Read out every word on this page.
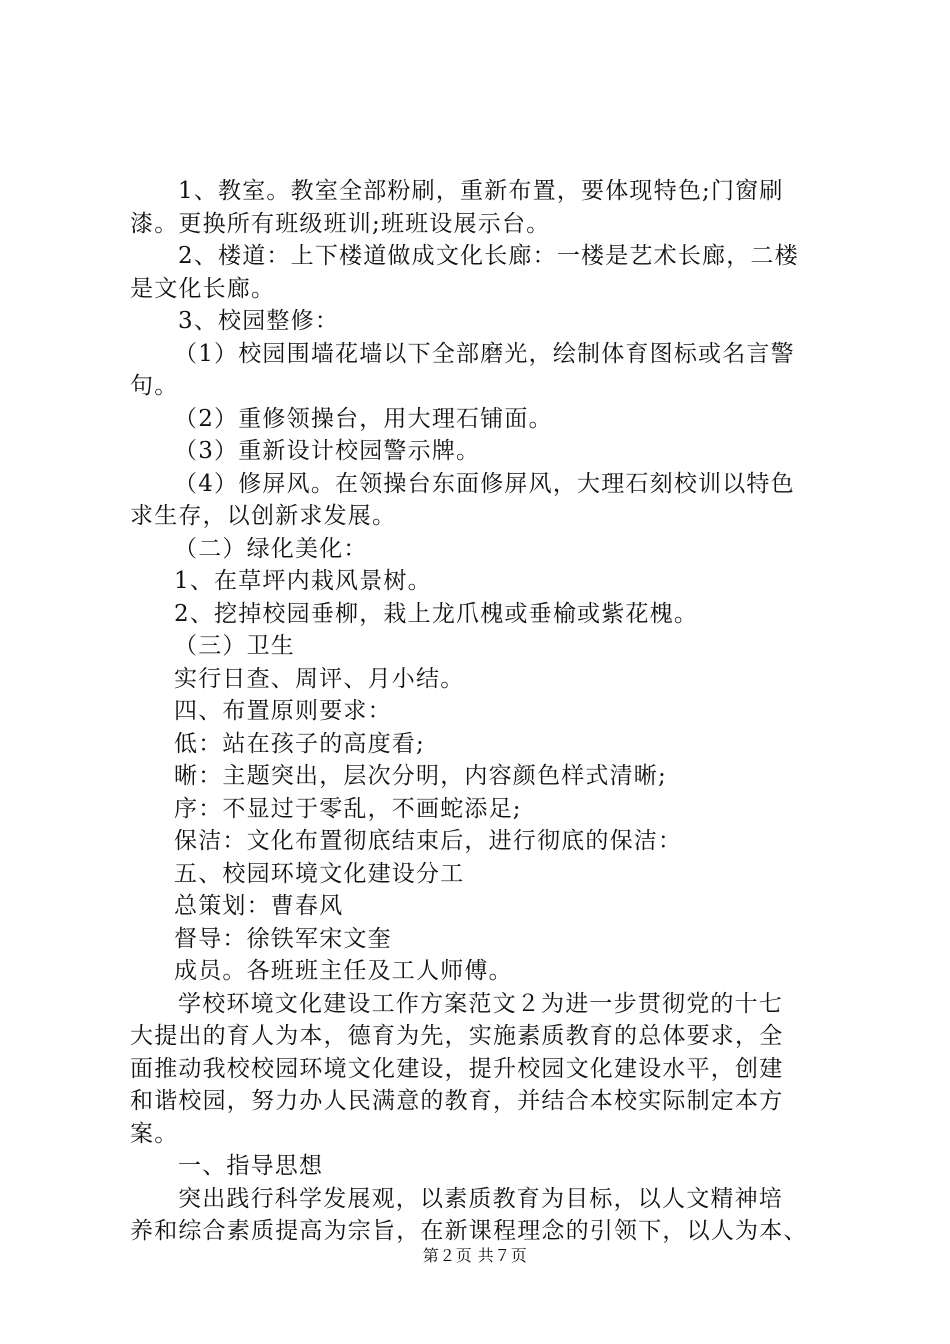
1、教室。教室全部粉刷，重新布置，要体现特色;门窗刷
漆。更换所有班级班训;班班设展示台。
2、楼道：上下楼道做成文化长廊：一楼是艺术长廊，二楼
是文化长廊。
3、校园整修：
（1）校园围墙花墙以下全部磨光，绘制体育图标或名言警
句。
（2）重修领操台，用大理石铺面。
（3）重新设计校园警示牌。
（4）修屏风。在领操台东面修屏风，大理石刻校训以特色
求生存，以创新求发展。
（二）绿化美化：
1、在草坪内栽风景树。
2、挖掉校园垂柳，栽上龙爪槐或垂榆或紫花槐。
（三）卫生
实行日查、周评、月小结。
四、布置原则要求：
低：站在孩子的高度看;
晰：主题突出，层次分明，内容颜色样式清晰;
序：不显过于零乱，不画蛇添足;
保洁：文化布置彻底结束后，进行彻底的保洁：
五、校园环境文化建设分工
总策划：曹春风
督导：徐铁军宋文奎
成员。各班班主任及工人师傅。
学校环境文化建设工作方案范文２为进一步贯彻党的十七
大提出的育人为本，德育为先，实施素质教育的总体要求，全
面推动我校校园环境文化建设，提升校园文化建设水平，创建
和谐校园，努力办人民满意的教育，并结合本校实际制定本方
案。
一、指导思想
突出践行科学发展观，以素质教育为目标，以人文精神培
养和综合素质提高为宗旨，在新课程理念的引领下，以人为本、
第２页 共７页
